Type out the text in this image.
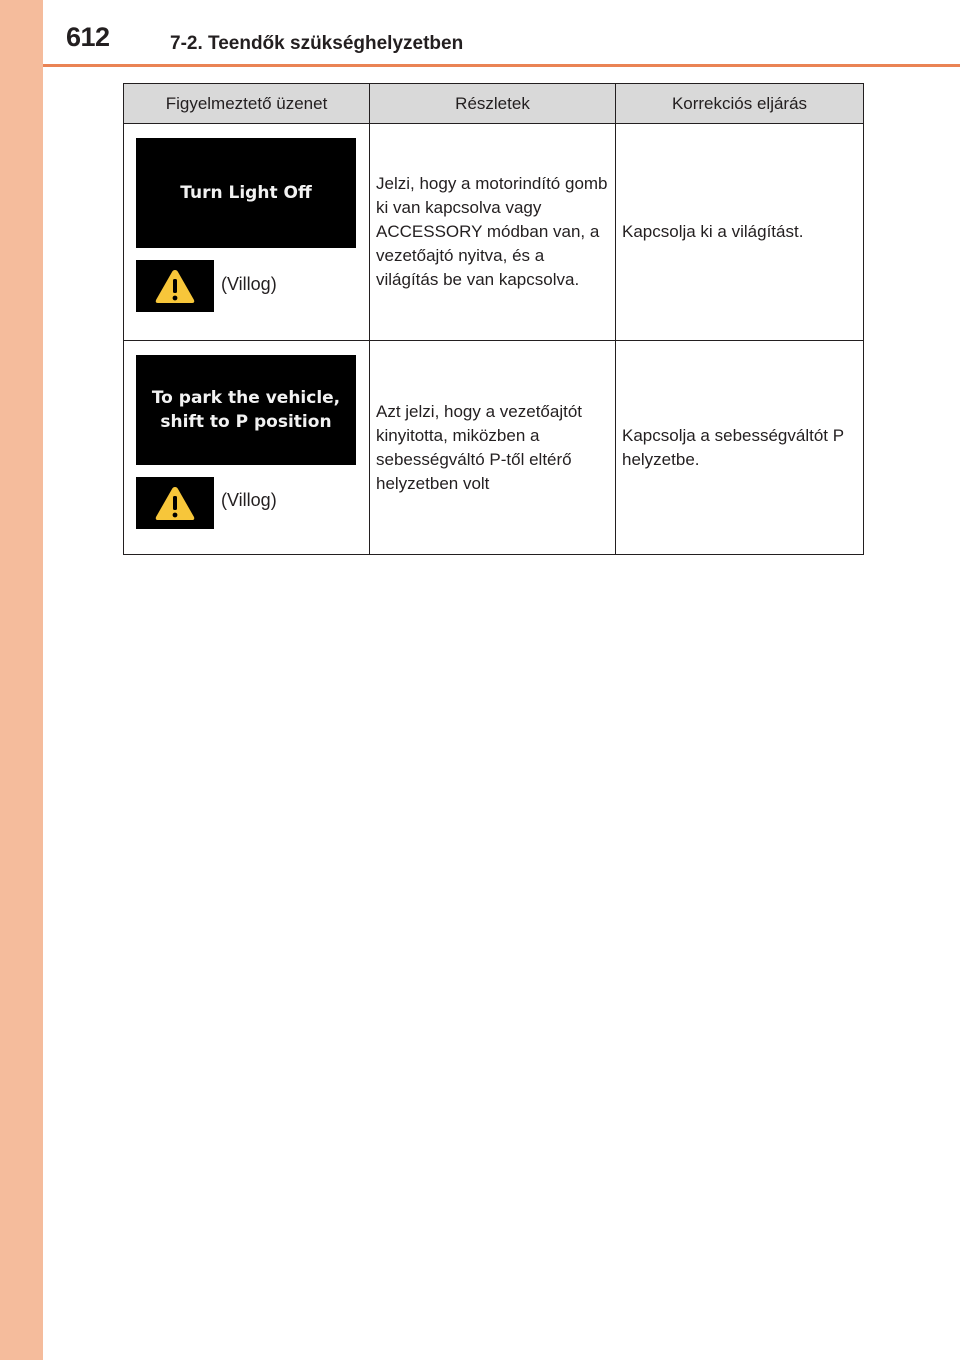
612	7-2. Teendők szükséghelyzetben
Figyelmeztető üzenet	Részletek	Korrekciós eljárás

Turn Light Off
(Villog)	Jelzi, hogy a motorindító gomb ki van kapcsolva vagy ACCESSORY módban van, a vezetőajtó nyitva, és a világítás be van kapcsolva.	Kapcsolja ki a világítást.

To park the vehicle,
shift to P position
(Villog)	Azt jelzi, hogy a vezetőajtót kinyitotta, miközben a sebességváltó P-től eltérő helyzetben volt	Kapcsolja a sebességváltót P helyzetbe.
